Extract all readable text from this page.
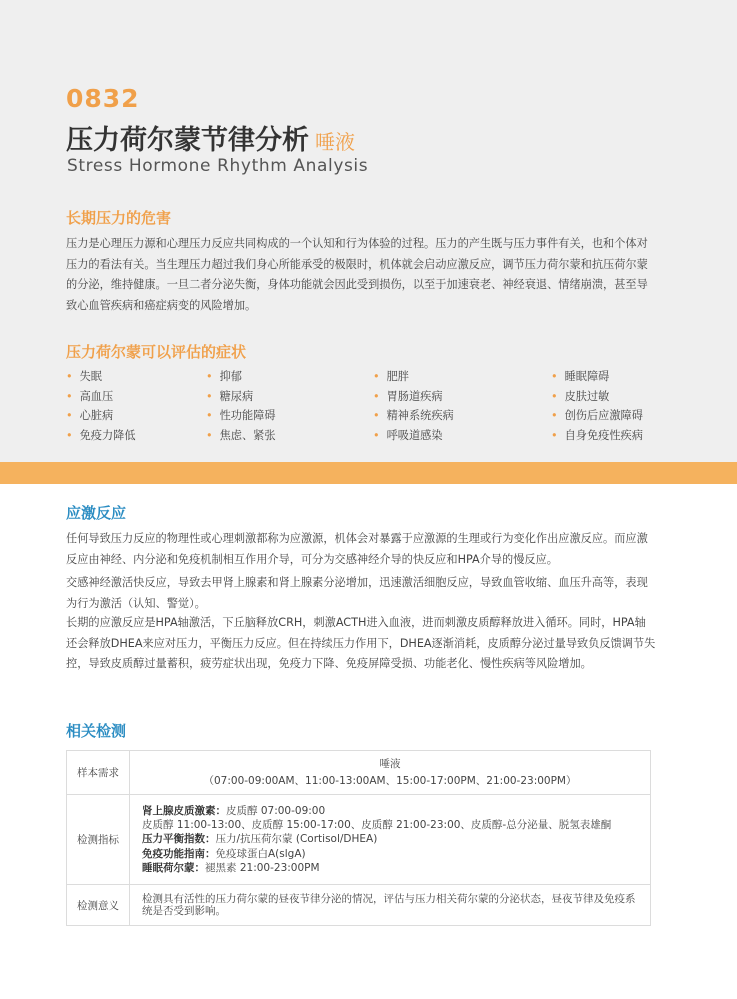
0832
压力荷尔蒙节律分析 唾液
Stress Hormone Rhythm Analysis
长期压力的危害
压力是心理压力源和心理压力反应共同构成的一个认知和行为体验的过程。压力的产生既与压力事件有关，也和个体对压力的看法有关。当生理压力超过我们身心所能承受的极限时，机体就会启动应激反应，调节压力荷尔蒙和抗压荷尔蒙的分泌，维持健康。一旦二者分泌失衡，身体功能就会因此受到损伤，以至于加速衰老、神经衰退、情绪崩溃，甚至导致心血管疾病和癌症病变的风险增加。
压力荷尔蒙可以评估的症状
• 失眠
• 高血压
• 心脏病
• 免疫力降低
• 抑郁
• 糖尿病
• 性功能障碍
• 焦虑、紧张
• 肥胖
• 胃肠道疾病
• 精神系统疾病
• 呼吸道感染
• 睡眠障碍
• 皮肤过敏
• 创伤后应激障碍
• 自身免疫性疾病
应激反应
任何导致压力反应的物理性或心理刺激都称为应激源，机体会对暴露于应激源的生理或行为变化作出应激反应。而应激反应由神经、内分泌和免疫机制相互作用介导，可分为交感神经介导的快反应和HPA介导的慢反应。
交感神经激活快反应，导致去甲肾上腺素和肾上腺素分泌增加，迅速激活细胞反应，导致血管收缩、血压升高等，表现为行为激活（认知、警觉）。
长期的应激反应是HPA轴激活，下丘脑释放CRH，刺激ACTH进入血液，进而刺激皮质醇释放进入循环。同时，HPA轴还会释放DHEA来应对压力，平衡压力反应。但在持续压力作用下，DHEA逐渐消耗，皮质醇分泌过量导致负反馈调节失控，导致皮质醇过量蓄积，疲劳症状出现，免疫力下降、免疫屏障受损、功能老化、慢性疾病等风险增加。
相关检测
样本需求	唾液
（07:00-09:00AM、11:00-13:00AM、15:00-17:00PM、21:00-23:00PM）

检测指标	肾上腺皮质激素：皮质醇 07:00-09:00
皮质醇 11:00-13:00、皮质醇 15:00-17:00、皮质醇 21:00-23:00、皮质醇-总分泌量、脱氢表雄酮
压力平衡指数：压力/抗压荷尔蒙 (Cortisol/DHEA)
免疫功能指南：免疫球蛋白A(slgA)
睡眠荷尔蒙：褪黑素 21:00-23:00PM

检测意义	检测具有活性的压力荷尔蒙的昼夜节律分泌的情况，评估与压力相关荷尔蒙的分泌状态，昼夜节律及免疫系统是否受到影响。
